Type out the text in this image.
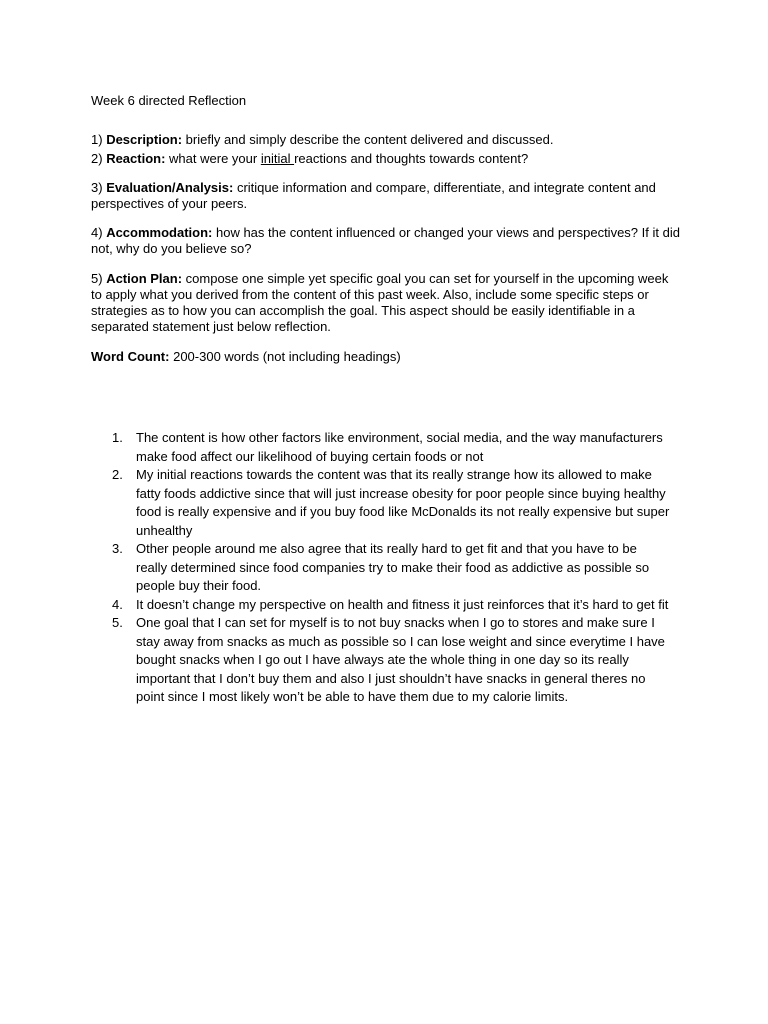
Week 6 directed Reflection

1) Description: briefly and simply describe the content delivered and discussed.

2) Reaction: what were your initial reactions and thoughts towards content?

3) Evaluation/Analysis: critique information and compare, differentiate, and integrate content and perspectives of your peers.

4) Accommodation: how has the content influenced or changed your views and perspectives? If it did not, why do you believe so?

5) Action Plan: compose one simple yet specific goal you can set for yourself in the upcoming week to apply what you derived from the content of this past week. Also, include some specific steps or strategies as to how you can accomplish the goal. This aspect should be easily identifiable in a separated statement just below reflection.

Word Count: 200-300 words (not including headings)

1. The content is how other factors like environment, social media, and the way manufacturers make food affect our likelihood of buying certain foods or not
2. My initial reactions towards the content was that its really strange how its allowed to make fatty foods addictive since that will just increase obesity for poor people since buying healthy food is really expensive and if you buy food like McDonalds its not really expensive but super unhealthy
3. Other people around me also agree that its really hard to get fit and that you have to be really determined since food companies try to make their food as addictive as possible so people buy their food.
4. It doesn’t change my perspective on health and fitness it just reinforces that it’s hard to get fit
5. One goal that I can set for myself is to not buy snacks when I go to stores and make sure I stay away from snacks as much as possible so I can lose weight and since everytime I have bought snacks when I go out I have always ate the whole thing in one day so its really important that I don’t buy them and also I just shouldn’t have snacks in general theres no point since I most likely won’t be able to have them due to my calorie limits.
